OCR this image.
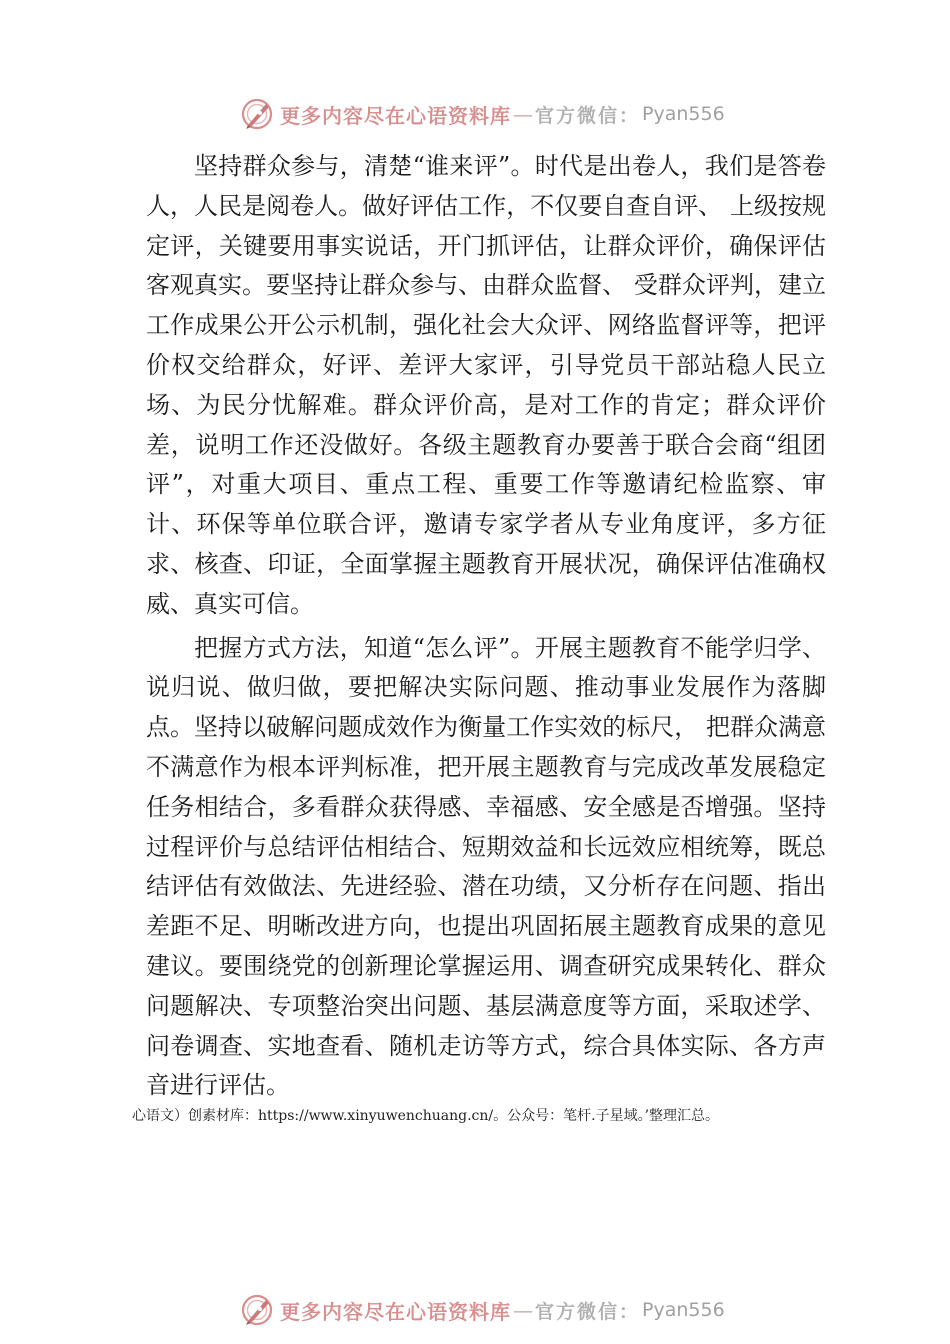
更多内容尽在心语资料库 — 官方微信： Pyan556

坚持群众参与，清楚“谁来评”。时代是出卷人，我们是答卷人，人民是阅卷人。做好评估工作，不仅要自查自评、 上级按规定评，关键要用事实说话，开门抓评估，让群众评价，确保评估客观真实。要坚持让群众参与、由群众监督、 受群众评判，建立工作成果公开公示机制，强化社会大众评、网络监督评等，把评价权交给群众，好评、差评大家评，引导党员干部站稳人民立场、为民分忧解难。群众评价高，是对工作的肯定；群众评价差，说明工作还没做好。各级主题教育办要善于联合会商“组团评”，对重大项目、重点工程、重要工作等邀请纪检监察、审计、环保等单位联合评，邀请专家学者从专业角度评，多方征求、核查、印证，全面掌握主题教育开展状况，确保评估准确权威、真实可信。

把握方式方法，知道“怎么评”。开展主题教育不能学归学、说归说、做归做，要把解决实际问题、推动事业发展作为落脚点。坚持以破解问题成效作为衡量工作实效的标尺， 把群众满意不满意作为根本评判标准，把开展主题教育与完成改革发展稳定任务相结合，多看群众获得感、幸福感、安全感是否增强。坚持过程评价与总结评估相结合、短期效益和长远效应相统筹，既总结评估有效做法、先进经验、潜在功绩，又分析存在问题、指出差距不足、明晰改进方向，也提出巩固拓展主题教育成果的意见建议。要围绕党的创新理论掌握运用、调查研究成果转化、群众问题解决、专项整治突出问题、基层满意度等方面，采取述学、问卷调查、实地查看、随机走访等方式，综合具体实际、各方声音进行评估。

心语文）创素材库：https://www.xinyuwenchuang.cn/。公众号：笔杆.子星域。’整理汇总。
更多内容尽在心语资料库 — 官方微信： Pyan556
